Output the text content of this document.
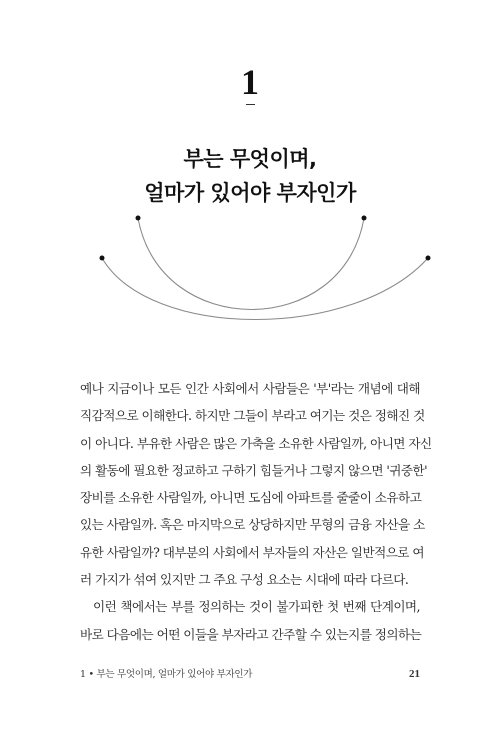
1
부는 무엇이며,
얼마가 있어야 부자인가
예나 지금이나 모든 인간 사회에서 사람들은 '부'라는 개념에 대해
직감적으로 이해한다. 하지만 그들이 부라고 여기는 것은 정해진 것
이 아니다. 부유한 사람은 많은 가축을 소유한 사람일까, 아니면 자신
의 활동에 필요한 정교하고 구하기 힘들거나 그렇지 않으면 '귀중한'
장비를 소유한 사람일까, 아니면 도심에 아파트를 줄줄이 소유하고
있는 사람일까. 혹은 마지막으로 상당하지만 무형의 금융 자산을 소
유한 사람일까? 대부분의 사회에서 부자들의 자산은 일반적으로 여
러 가지가 섞여 있지만 그 주요 구성 요소는 시대에 따라 다르다.
이런 책에서는 부를 정의하는 것이 불가피한 첫 번째 단계이며,
바로 다음에는 어떤 이들을 부자라고 간주할 수 있는지를 정의하는
1 • 부는 무엇이며, 얼마가 있어야 부자인가	21
